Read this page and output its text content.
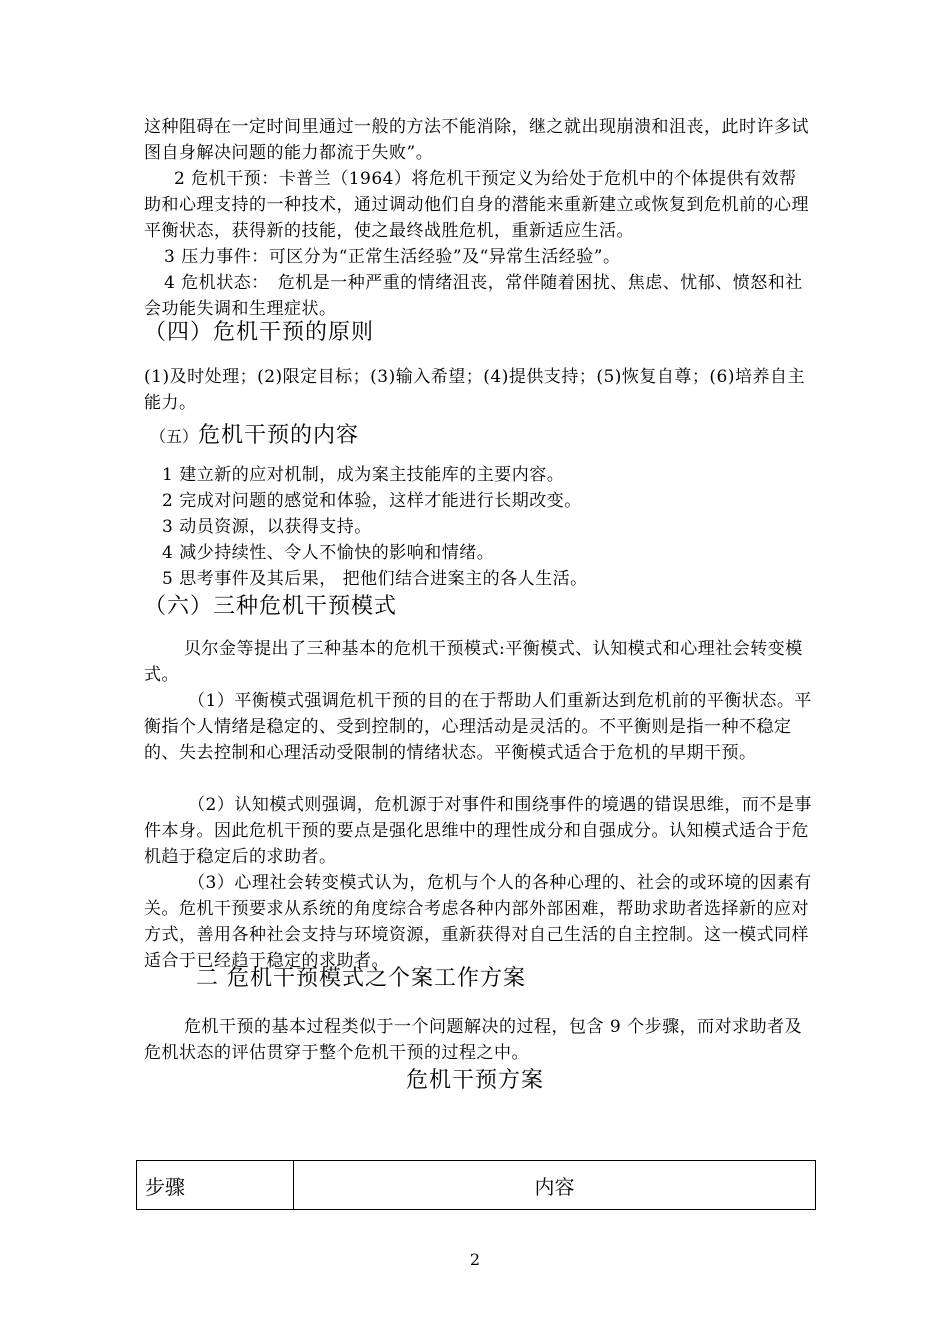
这种阻碍在一定时间里通过一般的方法不能消除，继之就出现崩溃和沮丧，此时许多试图自身解决问题的能力都流于失败”。

2 危机干预：卡普兰（1964）将危机干预定义为给处于危机中的个体提供有效帮助和心理支持的一种技术，通过调动他们自身的潜能来重新建立或恢复到危机前的心理平衡状态，获得新的技能，使之最终战胜危机，重新适应生活。

3 压力事件：可区分为“正常生活经验”及“异常生活经验”。

4 危机状态：　危机是一种严重的情绪沮丧，常伴随着困扰、焦虑、忧郁、愤怒和社会功能失调和生理症状。

（四）危机干预的原则

(1)及时处理；(2)限定目标；(3)输入希望；(4)提供支持；(5)恢复自尊；(6)培养自主能力。

（五）危机干预的内容

1 建立新的应对机制，成为案主技能库的主要内容。

2 完成对问题的感觉和体验，这样才能进行长期改变。

3 动员资源，以获得支持。

4 减少持续性、令人不愉快的影响和情绪。

5 思考事件及其后果， 把他们结合进案主的各人生活。

（六）三种危机干预模式

贝尔金等提出了三种基本的危机干预模式:平衡模式、认知模式和心理社会转变模式。

（1）平衡模式强调危机干预的目的在于帮助人们重新达到危机前的平衡状态。平衡指个人情绪是稳定的、受到控制的，心理活动是灵活的。不平衡则是指一种不稳定的、失去控制和心理活动受限制的情绪状态。平衡模式适合于危机的早期干预。

（2）认知模式则强调，危机源于对事件和围绕事件的境遇的错误思维，而不是事件本身。因此危机干预的要点是强化思维中的理性成分和自强成分。认知模式适合于危机趋于稳定后的求助者。

（3）心理社会转变模式认为，危机与个人的各种心理的、社会的或环境的因素有关。危机干预要求从系统的角度综合考虑各种内部外部困难，帮助求助者选择新的应对方式，善用各种社会支持与环境资源，重新获得对自己生活的自主控制。这一模式同样适合于已经趋于稳定的求助者。

二 危机干预模式之个案工作方案

危机干预的基本过程类似于一个问题解决的过程，包含 9 个步骤，而对求助者及危机状态的评估贯穿于整个危机干预的过程之中。

危机干预方案
步骤	内容
2
